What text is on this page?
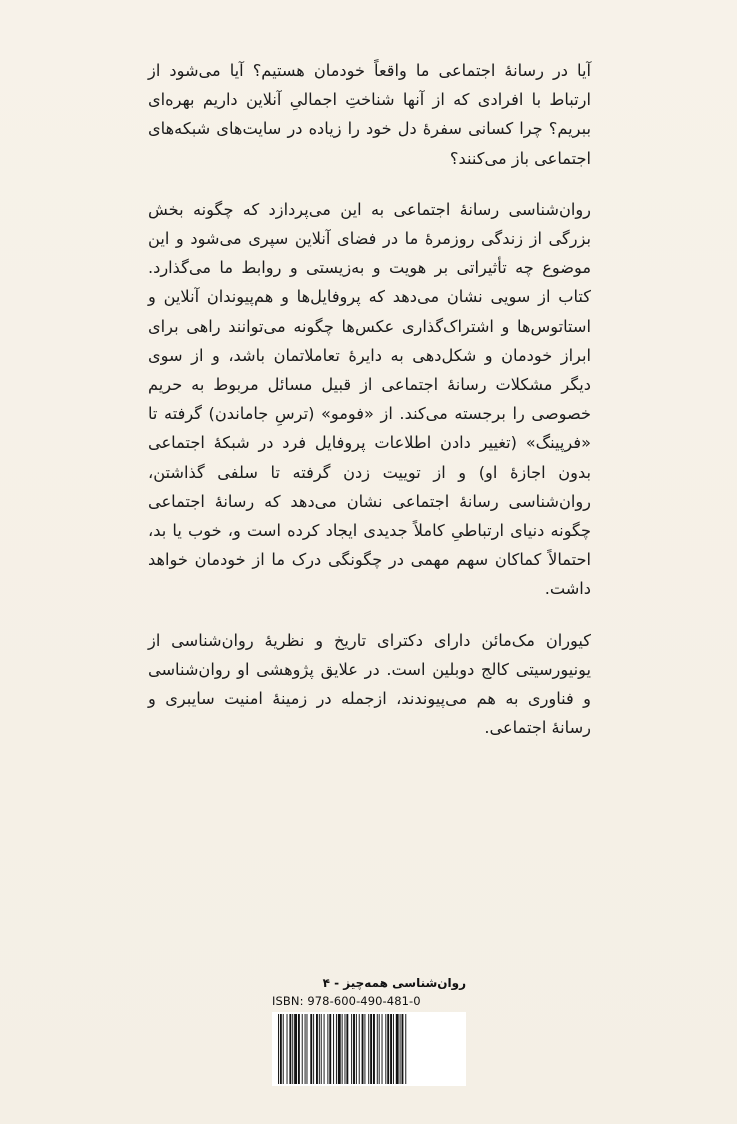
آیا در رسانهٔ اجتماعی ما واقعاً خودمان هستیم؟ آیا می‌شود از ارتباط با افرادی که از آنها شناختِ اجمالیِ آنلاین داریم بهره‌ای ببریم؟ چرا کسانی سفرهٔ دل خود را زیاده در سایت‌های شبکه‌های اجتماعی باز می‌کنند؟

روان‌شناسی رسانهٔ اجتماعی به این می‌پردازد که چگونه بخش بزرگی از زندگی روزمرهٔ ما در فضای آنلاین سپری می‌شود و این موضوع چه تأثیراتی بر هویت و به‌زیستی و روابط ما می‌گذارد. کتاب از سویی نشان می‌دهد که پروفایل‌ها و هم‌پیوندان آنلاین و استاتوس‌ها و اشتراک‌گذاری عکس‌ها چگونه می‌توانند راهی برای ابراز خودمان و شکل‌دهی به دایرهٔ تعاملاتمان باشد، و از سوی دیگر مشکلات رسانهٔ اجتماعی از قبیل مسائل مربوط به حریم خصوصی را برجسته می‌کند. از «فومو» (ترسِ جاماندن) گرفته تا «فرپینگ» (تغییر دادن اطلاعات پروفایل فرد در شبکهٔ اجتماعی بدون اجازهٔ او) و از توییت زدن گرفته تا سلفی گذاشتن، روان‌شناسی رسانهٔ اجتماعی نشان می‌دهد که رسانهٔ اجتماعی چگونه دنیای ارتباطیِ کاملاً جدیدی ایجاد کرده است و، خوب یا بد، احتمالاً کماکان سهم مهمی در چگونگی درک ما از خودمان خواهد داشت.

کیوران مک‌مائن دارای دکترای تاریخ و نظریهٔ روان‌شناسی از یونیورسیتی کالج دوبلین است. در علایق پژوهشی او روان‌شناسی و فناوری به هم می‌پیوندند، ازجمله در زمینهٔ امنیت سایبری و رسانهٔ اجتماعی.

روان‌شناسی همه‌چیز - ۴
ISBN: 978-600-490-481-0
